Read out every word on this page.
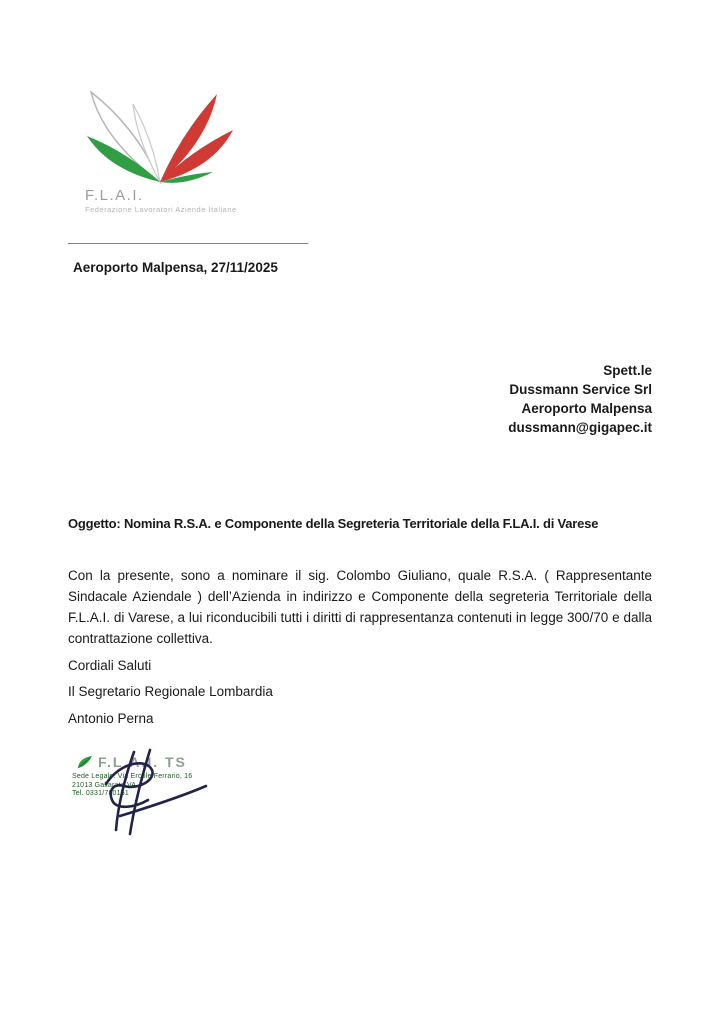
F.L.A.I.
Federazione Lavoratori Aziende Italiane
________________________________
Aeroporto Malpensa, 27/11/2025
Spett.le
Dussmann Service Srl
Aeroporto Malpensa
dussmann@gigapec.it
Oggetto: Nomina R.S.A. e Componente della Segreteria Territoriale della F.LA.I. di Varese

Con la presente, sono a nominare il sig. Colombo Giuliano, quale R.S.A. ( Rappresentante Sindacale Aziendale ) dell’Azienda in indirizzo e Componente della segreteria Territoriale della F.L.A.I. di Varese, a lui riconducibili tutti i diritti di rappresentanza contenuti in legge 300/70 e dalla contrattazione collettiva.

Cordiali Saluti

Il Segretario Regionale Lombardia

Antonio Perna

F.L.A.I. TS
Sede Legale: Via Ercole Ferrario, 16
21013 Gallarate VA
Tel. 0331/780151
